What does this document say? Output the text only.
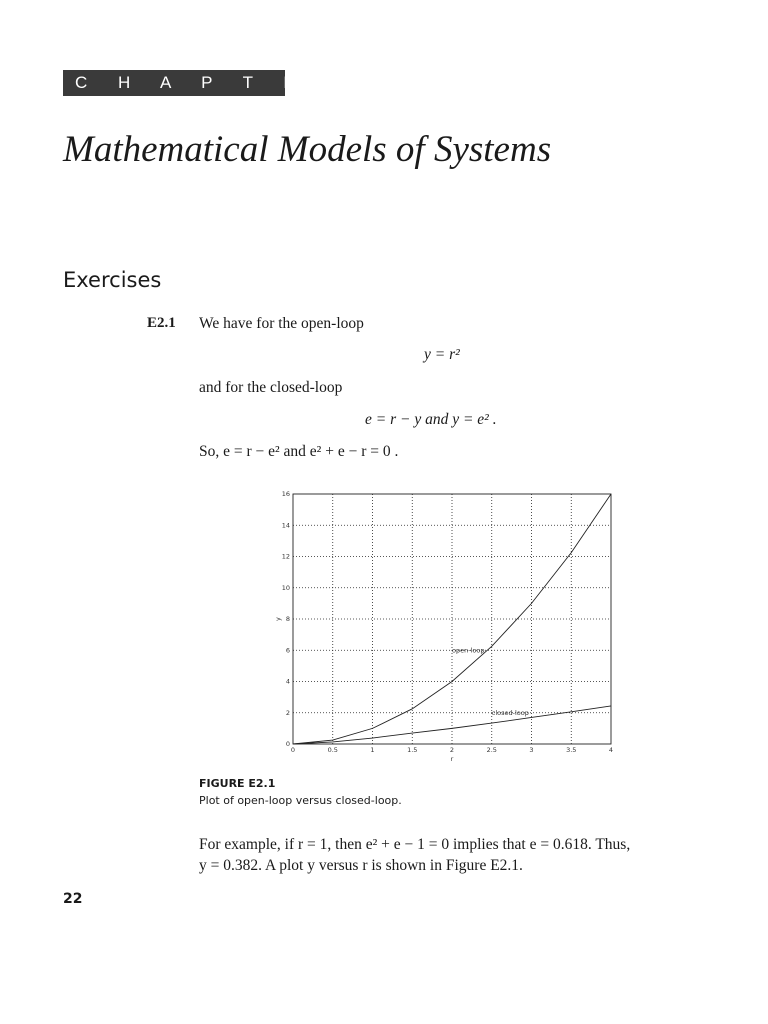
C H A P T E R 2
Mathematical Models of Systems
Exercises
E2.1 We have for the open-loop
y = r²
and for the closed-loop
e = r − y and y = e² .
So, e = r − e² and e² + e − r = 0 .
0	0.5	1	1.5	2	2.5	3	3.5	4
0
2
4
6
8
10
12
14
16
r
y
open-loop
closed-loop
FIGURE E2.1
Plot of open-loop versus closed-loop.
For example, if r = 1, then e² + e − 1 = 0 implies that e = 0.618. Thus,
y = 0.382. A plot y versus r is shown in Figure E2.1.
22
